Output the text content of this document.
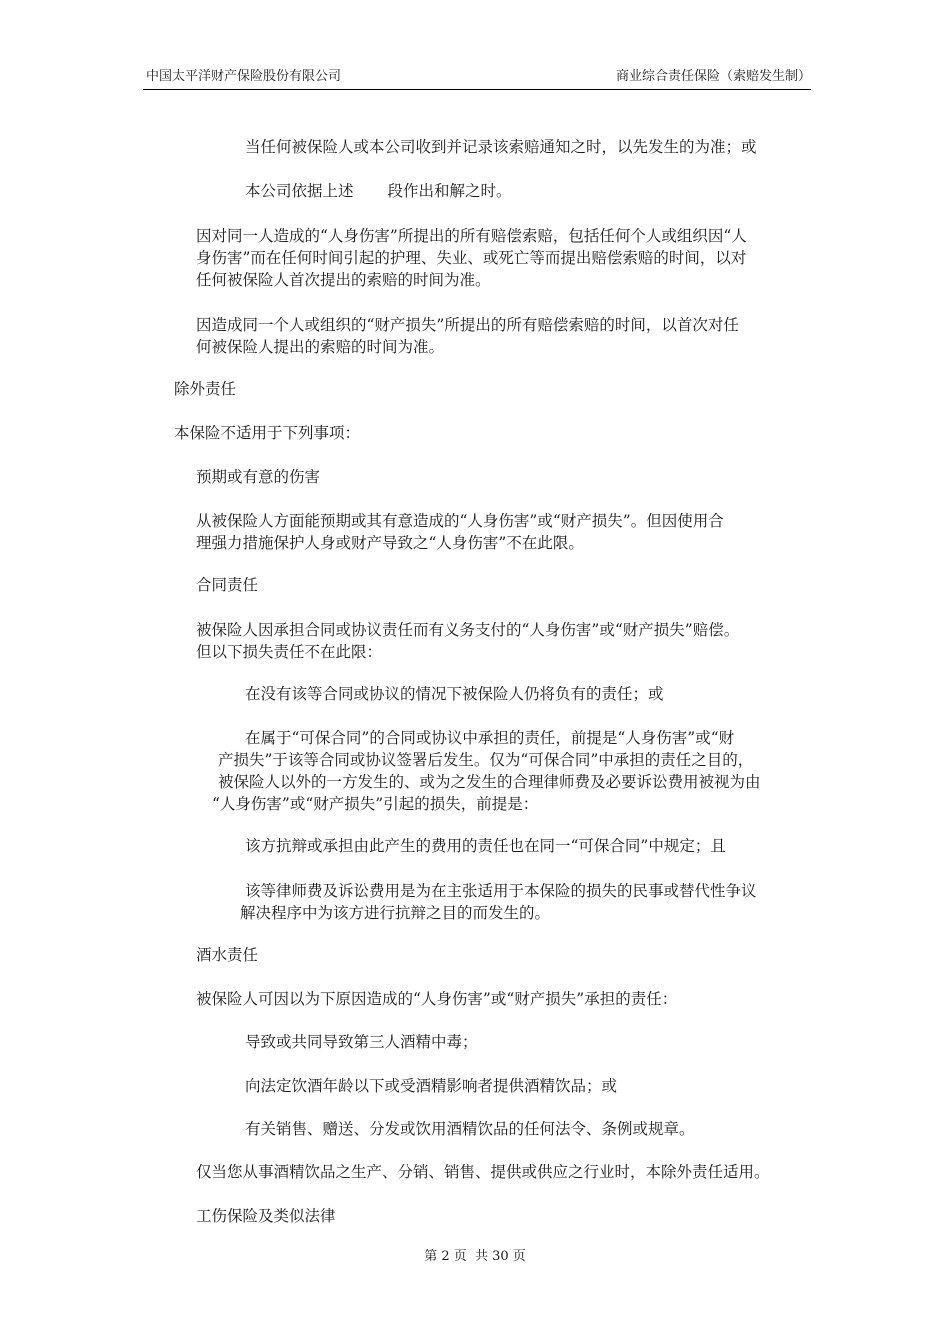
中国太平洋财产保险股份有限公司	商业综合责任保险（索赔发生制）

当任何被保险人或本公司收到并记录该索赔通知之时，以先发生的为准；或

本公司依据上述 段作出和解之时。

因对同一人造成的“人身伤害”所提出的所有赔偿索赔，包括任何个人或组织因“人

身伤害”而在任何时间引起的护理、失业、或死亡等而提出赔偿索赔的时间，以对

任何被保险人首次提出的索赔的时间为准。

因造成同一个人或组织的“财产损失”所提出的所有赔偿索赔的时间，以首次对任

何被保险人提出的索赔的时间为准。

除外责任

本保险不适用于下列事项：

预期或有意的伤害

从被保险人方面能预期或其有意造成的“人身伤害”或“财产损失”。但因使用合

理强力措施保护人身或财产导致之“人身伤害”不在此限。

合同责任

被保险人因承担合同或协议责任而有义务支付的“人身伤害”或“财产损失”赔偿。

但以下损失责任不在此限：

在没有该等合同或协议的情况下被保险人仍将负有的责任；或

在属于“可保合同”的合同或协议中承担的责任，前提是“人身伤害”或“财

产损失”于该等合同或协议签署后发生。仅为“可保合同”中承担的责任之目的，

被保险人以外的一方发生的、或为之发生的合理律师费及必要诉讼费用被视为由

“人身伤害”或“财产损失”引起的损失，前提是：

该方抗辩或承担由此产生的费用的责任也在同一“可保合同”中规定；且

该等律师费及诉讼费用是为在主张适用于本保险的损失的民事或替代性争议

解决程序中为该方进行抗辩之目的而发生的。

酒水责任

被保险人可因以为下原因造成的“人身伤害”或“财产损失”承担的责任：

导致或共同导致第三人酒精中毒；

向法定饮酒年龄以下或受酒精影响者提供酒精饮品；或

有关销售、赠送、分发或饮用酒精饮品的任何法令、条例或规章。

仅当您从事酒精饮品之生产、分销、销售、提供或供应之行业时，本除外责任适用。

工伤保险及类似法律

第 2 页 共 30 页
